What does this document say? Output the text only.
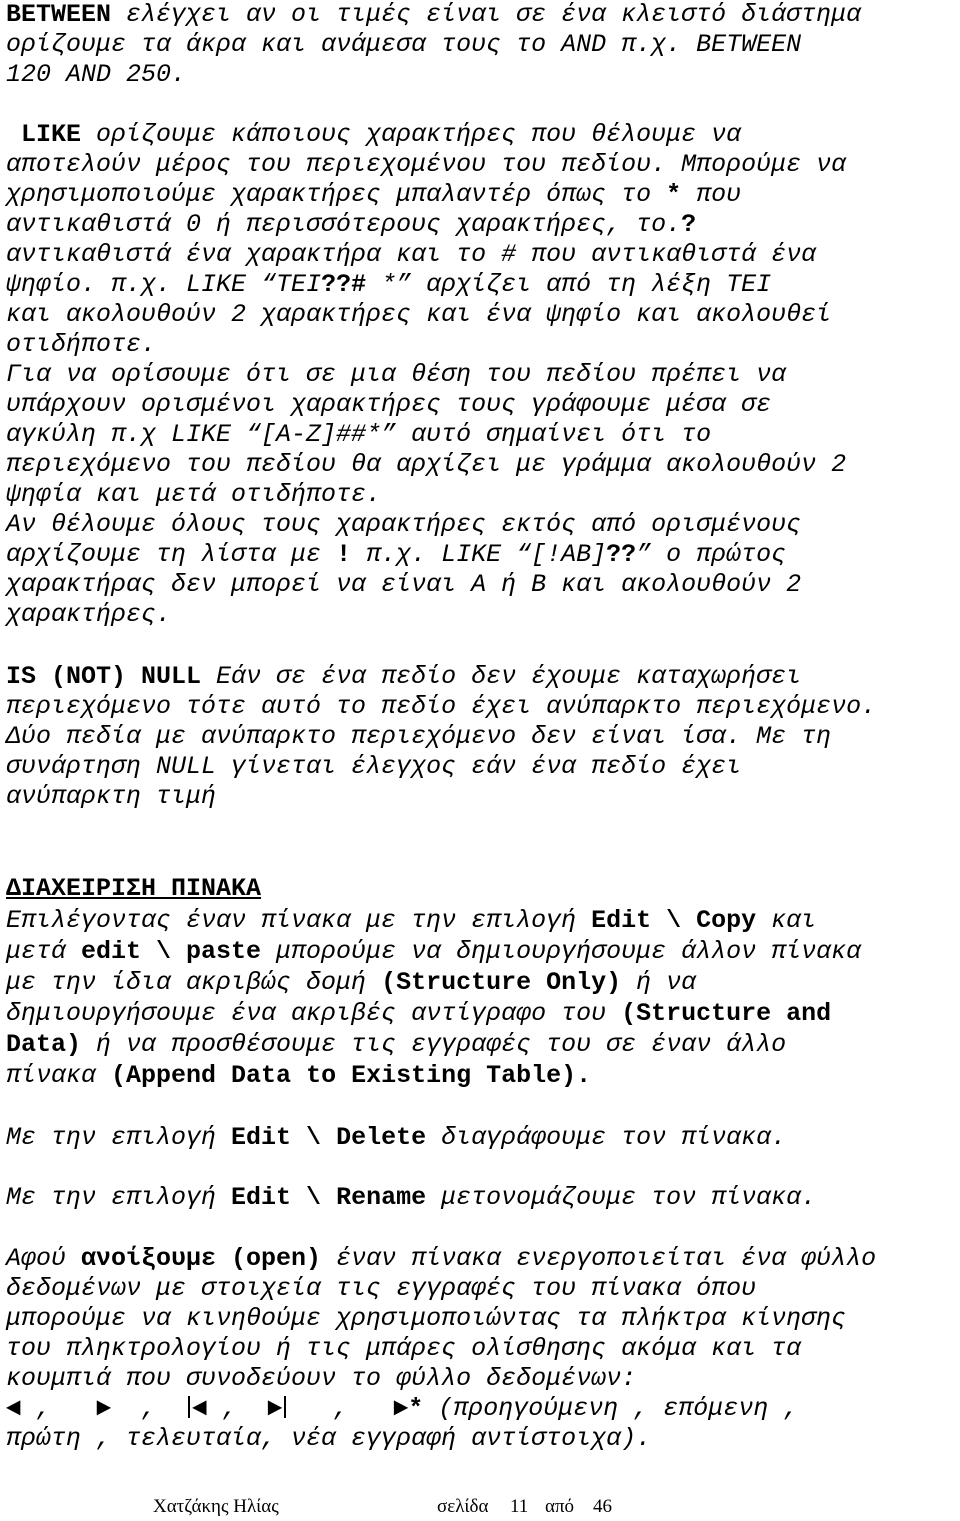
BETWEEN ελέγχει αν οι τιμές είναι σε ένα κλειστό διάστημα
ορίζουμε τα άκρα και ανάμεσα τους το AND π.χ. BETWEEN
120 AND 250.
LIKE ορίζουμε κάποιους χαρακτήρες που θέλουμε να
αποτελούν μέρος του περιεχομένου του πεδίου. Μπορούμε να
χρησιμοποιούμε χαρακτήρες μπαλαντέρ όπως το * που
αντικαθιστά 0 ή περισσότερους χαρακτήρες, το.?
αντικαθιστά ένα χαρακτήρα και το # που αντικαθιστά ένα
ψηφίο. π.χ. LIKE “TEI??# *” αρχίζει από τη λέξη TEI
και ακολουθούν 2 χαρακτήρες και ένα ψηφίο και ακολουθεί
οτιδήποτε.
Για να ορίσουμε ότι σε μια θέση του πεδίου πρέπει να
υπάρχουν ορισμένοι χαρακτήρες τους γράφουμε μέσα σε
αγκύλη π.χ LIKE “[A-Z]##*” αυτό σημαίνει ότι το
περιεχόμενο του πεδίου θα αρχίζει με γράμμα ακολουθούν 2
ψηφία και μετά οτιδήποτε.
Αν θέλουμε όλους τους χαρακτήρες εκτός από ορισμένους
αρχίζουμε τη λίστα με ! π.χ. LIKE “[!AB]??” ο πρώτος
χαρακτήρας δεν μπορεί να είναι A ή B και ακολουθούν 2
χαρακτήρες.
IS (NOT) NULL Εάν σε ένα πεδίο δεν έχουμε καταχωρήσει
περιεχόμενο τότε αυτό το πεδίο έχει ανύπαρκτο περιεχόμενο.
Δύο πεδία με ανύπαρκτο περιεχόμενο δεν είναι ίσα. Με τη
συνάρτηση NULL γίνεται έλεγχος εάν ένα πεδίο έχει
ανύπαρκτη τιμή
ΔΙΑΧΕΙΡΙΣΗ ΠΙΝΑΚΑ
Επιλέγοντας έναν πίνακα με την επιλογή Edit \ Copy και
μετά edit \ paste μπορούμε να δημιουργήσουμε άλλον πίνακα
με την ίδια ακριβώς δομή (Structure Only) ή να
δημιουργήσουμε ένα ακριβές αντίγραφο του (Structure and
Data) ή να προσθέσουμε τις εγγραφές του σε έναν άλλο
πίνακα (Append Data to Existing Table).
Με την επιλογή Edit \ Delete διαγράφουμε τον πίνακα.
Με την επιλογή Edit \ Rename μετονομάζουμε τον πίνακα.
Αφού ανοίξουμε (open) έναν πίνακα ενεργοποιείται ένα φύλλο
δεδομένων με στοιχεία τις εγγραφές του πίνακα όπου
μπορούμε να κινηθούμε χρησιμοποιώντας τα πλήκτρα κίνησης
του πληκτρολογίου ή τις μπάρες ολίσθησης ακόμα και τα
κουμπιά που συνοδεύουν το φύλλο δεδομένων:
◄ , ► , ◄ , ► , ►* (προηγούμενη , επόμενη ,
πρώτη , τελευταία, νέα εγγραφή αντίστοιχα).
Χατζάκης Ηλίας	σελίδα 11 από 46
